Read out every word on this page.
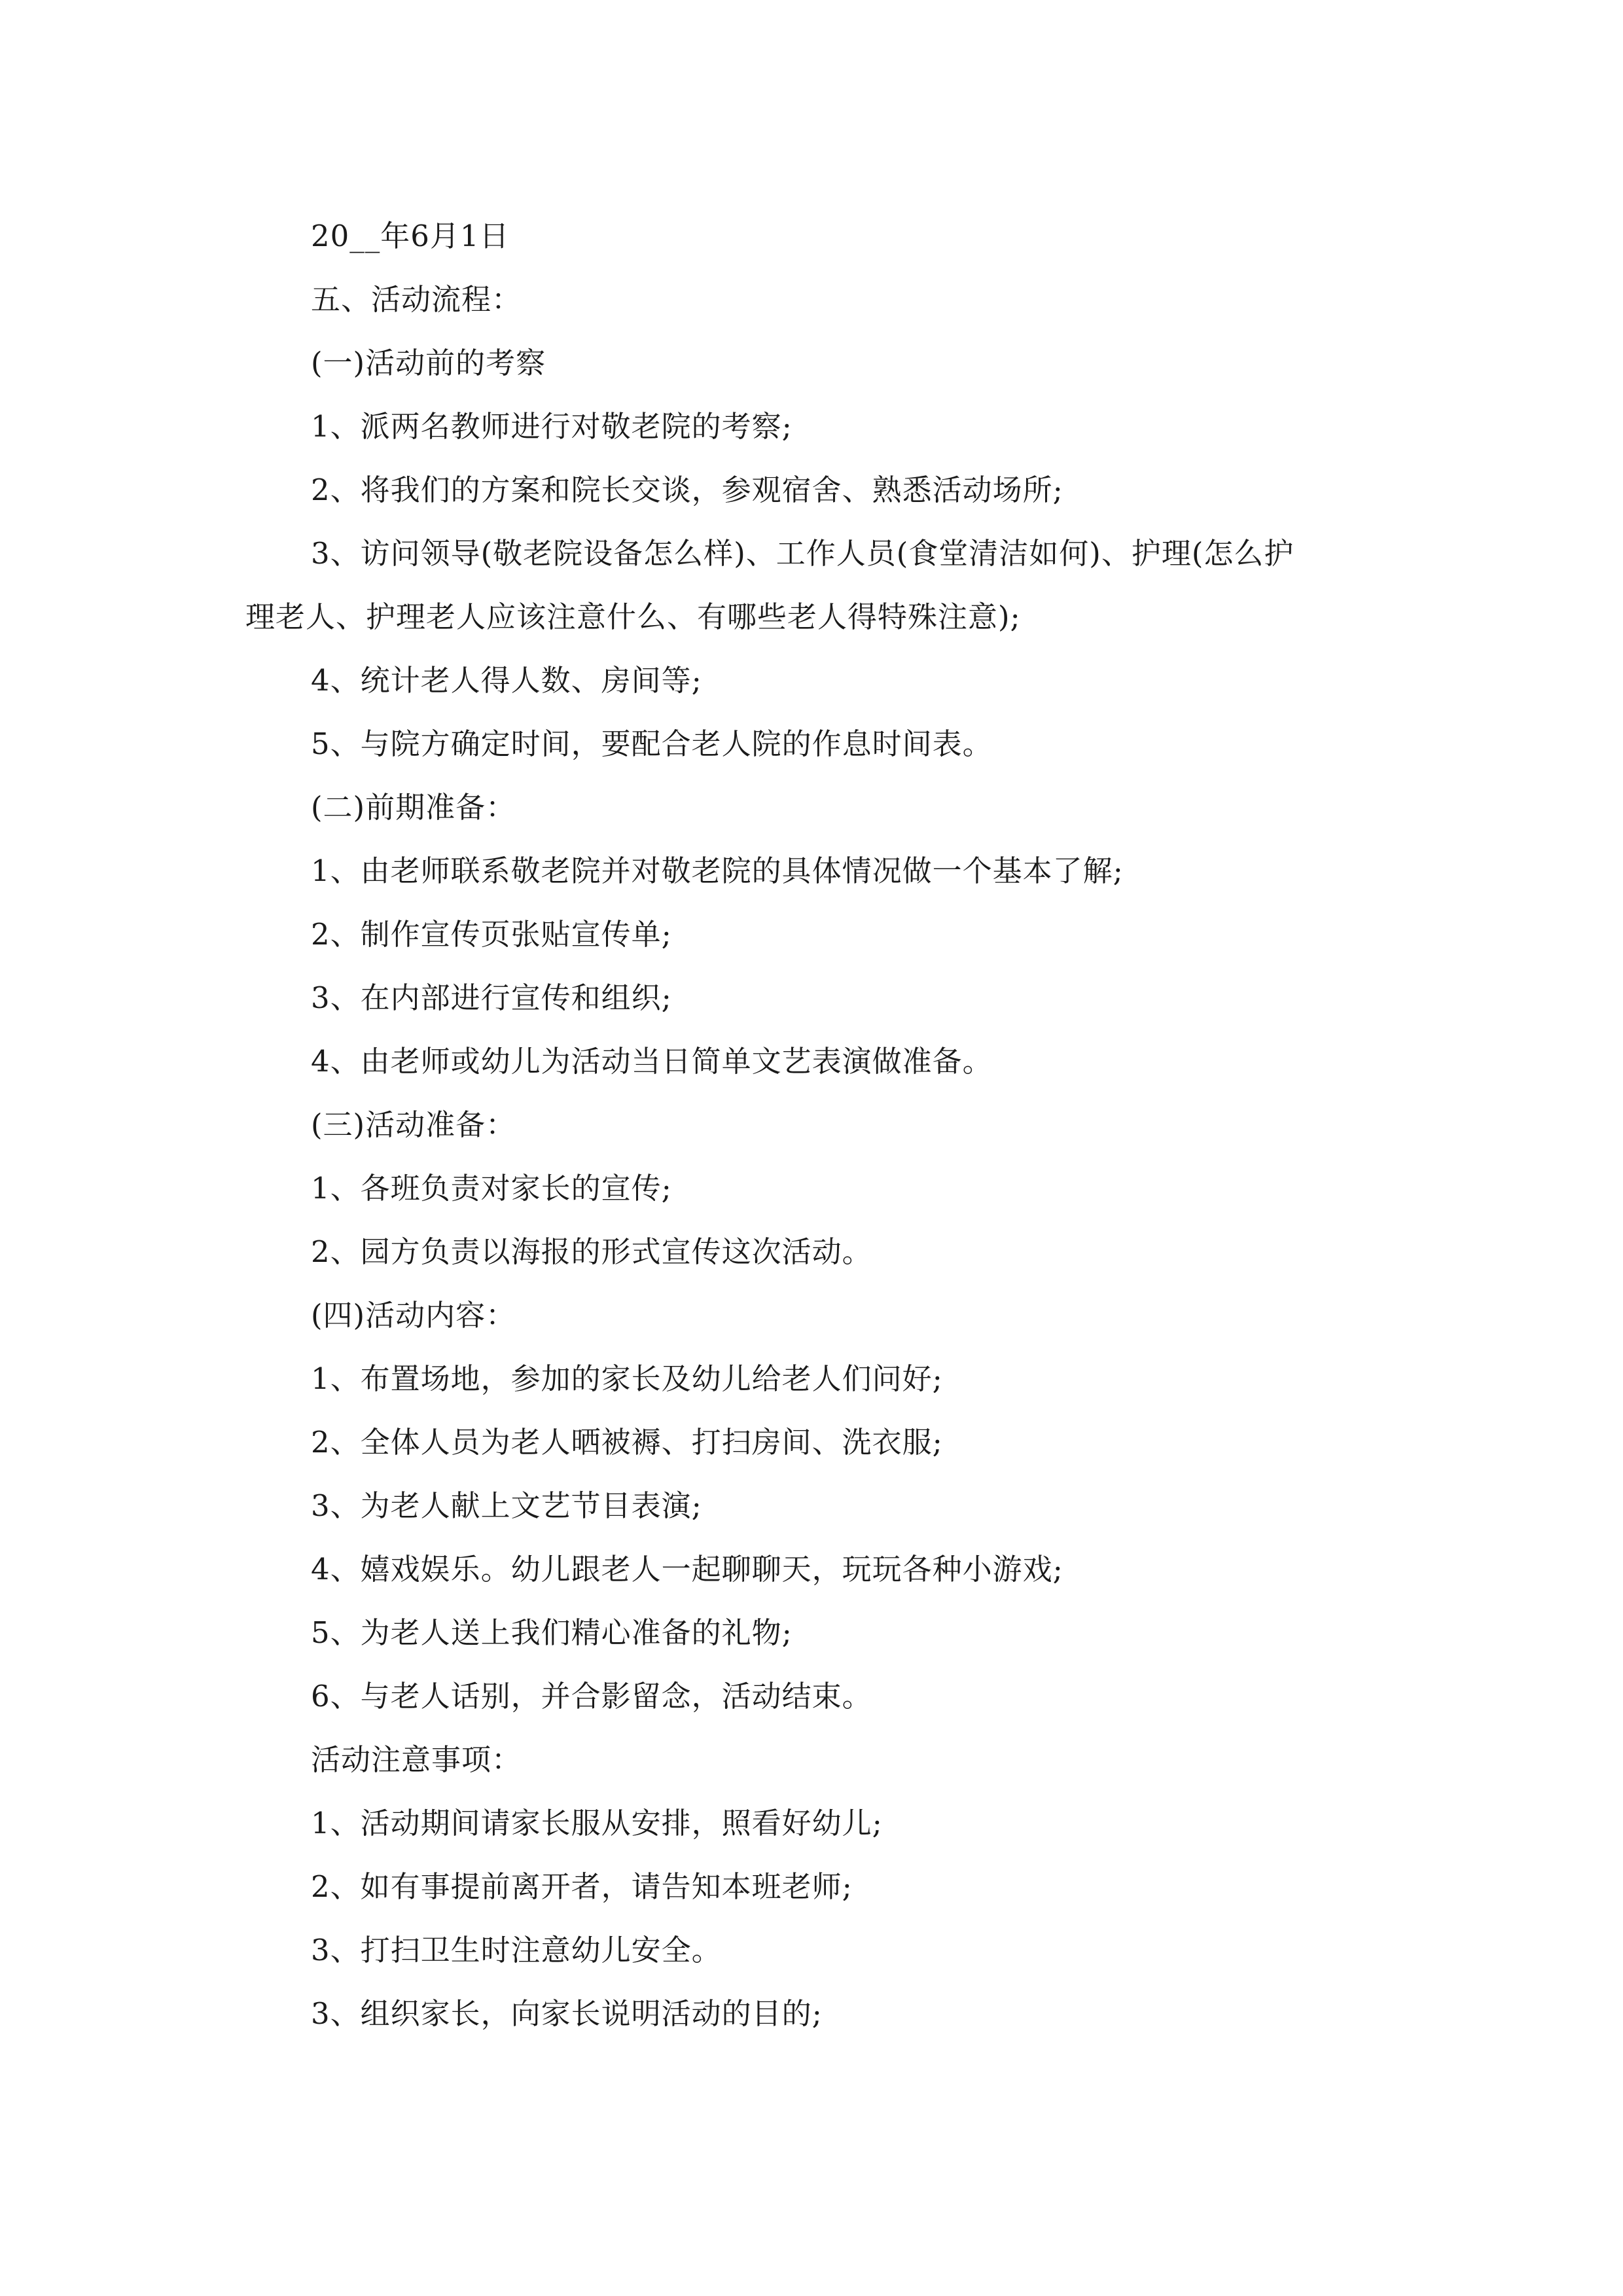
20__年6月1日
五、活动流程：
(一)活动前的考察
1、派两名教师进行对敬老院的考察;
2、将我们的方案和院长交谈，参观宿舍、熟悉活动场所;
3、访问领导(敬老院设备怎么样)、工作人员(食堂清洁如何)、护理(怎么护
理老人、护理老人应该注意什么、有哪些老人得特殊注意);
4、统计老人得人数、房间等;
5、与院方确定时间，要配合老人院的作息时间表。
(二)前期准备：
1、由老师联系敬老院并对敬老院的具体情况做一个基本了解;
2、制作宣传页张贴宣传单;
3、在内部进行宣传和组织;
4、由老师或幼儿为活动当日简单文艺表演做准备。
(三)活动准备：
1、各班负责对家长的宣传;
2、园方负责以海报的形式宣传这次活动。
(四)活动内容：
1、布置场地，参加的家长及幼儿给老人们问好;
2、全体人员为老人晒被褥、打扫房间、洗衣服;
3、为老人献上文艺节目表演;
4、嬉戏娱乐。幼儿跟老人一起聊聊天，玩玩各种小游戏;
5、为老人送上我们精心准备的礼物;
6、与老人话别，并合影留念，活动结束。
活动注意事项：
1、活动期间请家长服从安排，照看好幼儿;
2、如有事提前离开者，请告知本班老师;
3、打扫卫生时注意幼儿安全。
3、组织家长，向家长说明活动的目的;
